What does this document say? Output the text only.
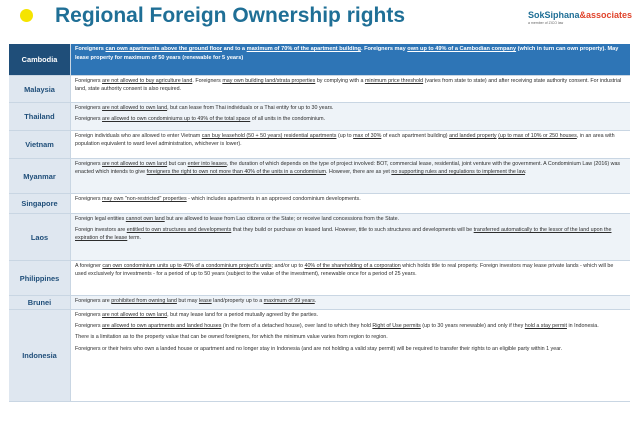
Regional Foreign Ownership rights	SokSiphana&associates
a member of ZICO law
Cambodia

Foreigners can own apartments above the ground floor and to a maximum of 70% of the apartment building. Foreigners may own up to 49% of a Cambodian company (which in turn can own property). May lease property for maximum of 50 years (renewable for 5 years)

Malaysia

Foreigners are not allowed to buy agriculture land. Foreigners may own building land/strata properties by complying with a minimum price threshold (varies from state to state) and after receiving state authority consent. For industrial land, state authority consent is also required.

Thailand

Foreigners are not allowed to own land, but can lease from Thai individuals or a Thai entity for up to 30 years.

Foreigners are allowed to own condominiums up to 49% of the total space of all units in the condominium.

Vietnam

Foreign individuals who are allowed to enter Vietnam can buy leasehold (50 + 50 years) residential apartments (up to max of 30% of each apartment building) and landed property (up to max of 10% or 250 houses, in an area with population equivalent to ward level administration, whichever is lower).

Myanmar

Foreigners are not allowed to own land but can enter into leases, the duration of which depends on the type of project involved: BOT, commercial lease, residential, joint venture with the government. A Condominium Law (2016) was enacted which intends to give foreigners the right to own not more than 40% of the units in a condominium. However, there are as yet no supporting rules and regulations to implement the law.

Singapore	Foreigners may own "non-restricted" properties - which includes apartments in an approved condominium developments.

Laos

Foreign legal entities cannot own land but are allowed to lease from Lao citizens or the State; or receive land concessions from the State.

Foreign investors are entitled to own structures and developments that they build or purchase on leased land. However, title to such structures and developments will be transferred automatically to the lessor of the land upon the expiration of the lease term.

Philippines

A foreigner can own condominium units up to 40% of a condominium project's units; and/or up to 40% of the shareholding of a corporation which holds title to real property. Foreign investors may lease private lands - which will be used exclusively for investments - for a period of up to 50 years (subject to the value of the investment), renewable once for a period of 25 years.

Brunei	Foreigners are prohibited from owning land but may lease land/property up to a maximum of 99 years.

Indonesia

Foreigners are not allowed to own land, but may lease land for a period mutually agreed by the parties.

Foreigners are allowed to own apartments and landed houses (in the form of a detached house), over land to which they hold Right of Use permits (up to 30 years renewable) and only if they hold a stay permit in Indonesia.

There is a limitation as to the property value that can be owned foreigners, for which the minimum value varies from region to region.

Foreigners or their heirs who own a landed house or apartment and no longer stay in Indonesia (and are not holding a valid stay permit) will be required to transfer their rights to an eligible party within 1 year.
